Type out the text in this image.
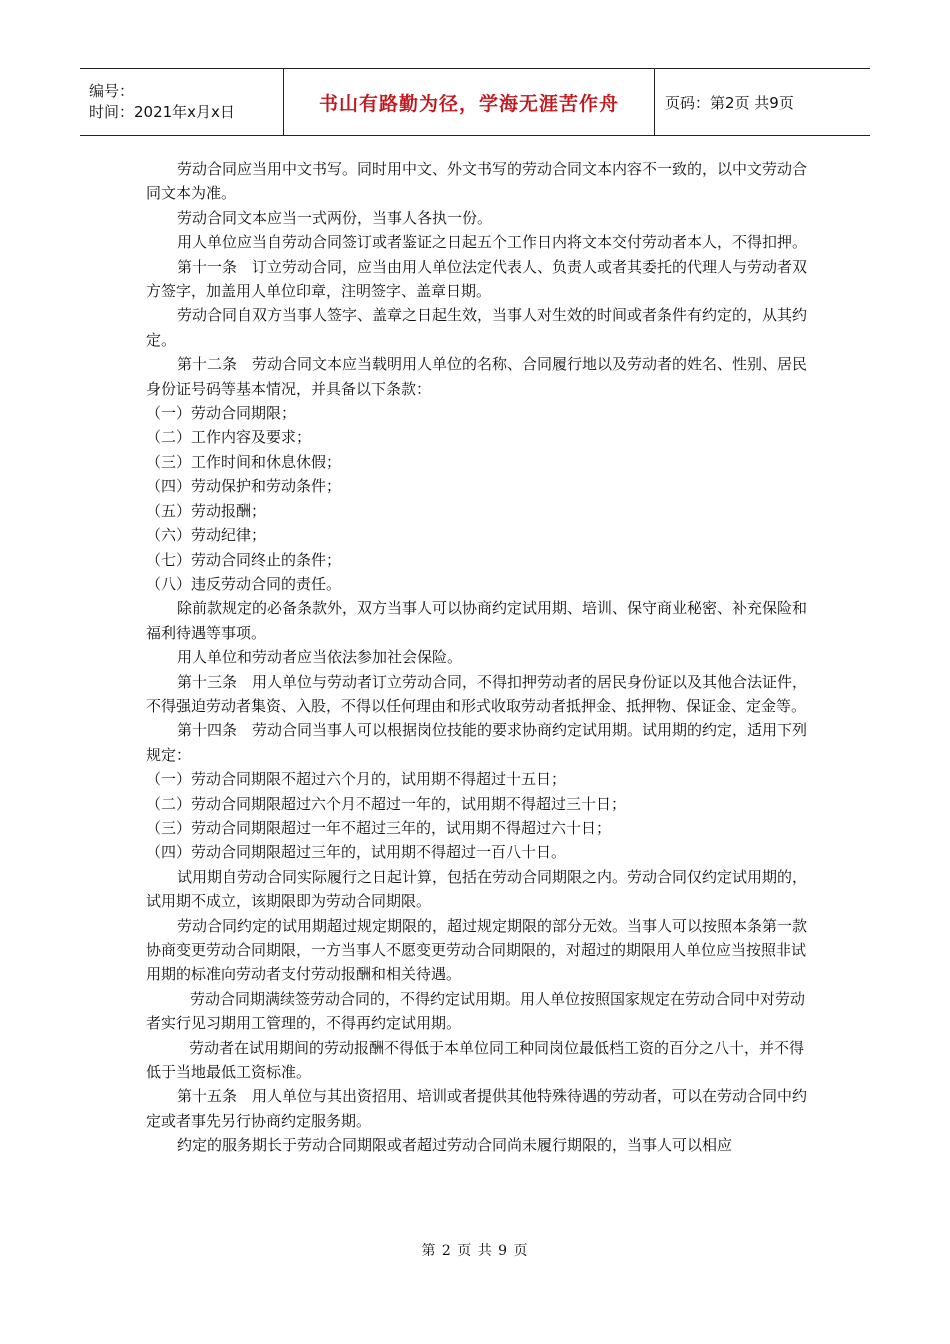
编号：
时间：2021年x月x日	书山有路勤为径，学海无涯苦作舟	页码：第2页 共9页

劳动合同应当用中文书写。同时用中文、外文书写的劳动合同文本内容不一致的，以中文劳动合同文本为准。

劳动合同文本应当一式两份，当事人各执一份。

用人单位应当自劳动合同签订或者鉴证之日起五个工作日内将文本交付劳动者本人，不得扣押。

第十一条　订立劳动合同，应当由用人单位法定代表人、负责人或者其委托的代理人与劳动者双方签字，加盖用人单位印章，注明签字、盖章日期。

劳动合同自双方当事人签字、盖章之日起生效，当事人对生效的时间或者条件有约定的，从其约定。

第十二条　劳动合同文本应当载明用人单位的名称、合同履行地以及劳动者的姓名、性别、居民身份证号码等基本情况，并具备以下条款：

（一）劳动合同期限；

（二）工作内容及要求；

（三）工作时间和休息休假；

（四）劳动保护和劳动条件；

（五）劳动报酬；

（六）劳动纪律；

（七）劳动合同终止的条件；

（八）违反劳动合同的责任。

除前款规定的必备条款外，双方当事人可以协商约定试用期、培训、保守商业秘密、补充保险和福利待遇等事项。

用人单位和劳动者应当依法参加社会保险。

第十三条　用人单位与劳动者订立劳动合同，不得扣押劳动者的居民身份证以及其他合法证件，不得强迫劳动者集资、入股，不得以任何理由和形式收取劳动者抵押金、抵押物、保证金、定金等。

第十四条　劳动合同当事人可以根据岗位技能的要求协商约定试用期。试用期的约定，适用下列规定：

（一）劳动合同期限不超过六个月的，试用期不得超过十五日；

（二）劳动合同期限超过六个月不超过一年的，试用期不得超过三十日；

（三）劳动合同期限超过一年不超过三年的，试用期不得超过六十日；

（四）劳动合同期限超过三年的，试用期不得超过一百八十日。

试用期自劳动合同实际履行之日起计算，包括在劳动合同期限之内。劳动合同仅约定试用期的，试用期不成立，该期限即为劳动合同期限。

劳动合同约定的试用期超过规定期限的，超过规定期限的部分无效。当事人可以按照本条第一款协商变更劳动合同期限，一方当事人不愿变更劳动合同期限的，对超过的期限用人单位应当按照非试用期的标准向劳动者支付劳动报酬和相关待遇。

劳动合同期满续签劳动合同的，不得约定试用期。用人单位按照国家规定在劳动合同中对劳动者实行见习期用工管理的，不得再约定试用期。

劳动者在试用期间的劳动报酬不得低于本单位同工种同岗位最低档工资的百分之八十，并不得低于当地最低工资标准。

第十五条　用人单位与其出资招用、培训或者提供其他特殊待遇的劳动者，可以在劳动合同中约定或者事先另行协商约定服务期。

约定的服务期长于劳动合同期限或者超过劳动合同尚未履行期限的，当事人可以相应

第 2 页 共 9 页
